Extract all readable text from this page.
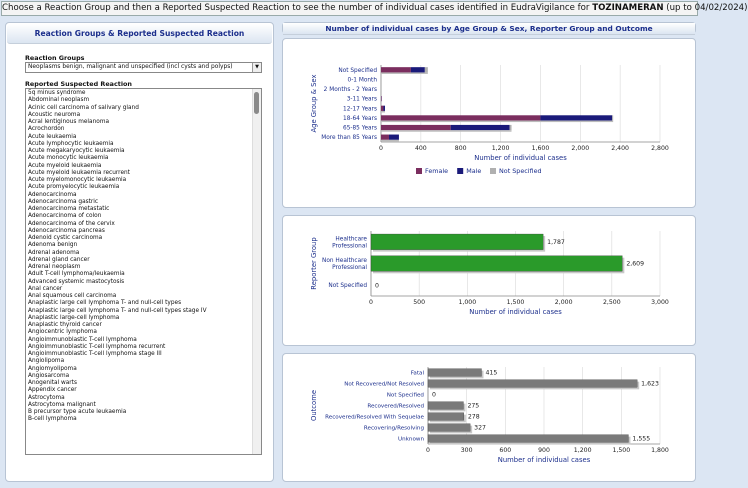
Choose a Reaction Group and then a Reported Suspected Reaction to see the number of individual cases identified in EudraVigilance for TOZINAMERAN (up to 04/02/2024)
Reaction Groups & Reported Suspected Reaction
Reaction Groups
Neoplasms benign, malignant and unspecified (incl cysts and polyps)	▼
Reported Suspected Reaction
5q minus syndrome
Abdominal neoplasm
Acinic cell carcinoma of salivary gland
Acoustic neuroma
Acral lentiginous melanoma
Acrochordon
Acute leukaemia
Acute lymphocytic leukaemia
Acute megakaryocytic leukaemia
Acute monocytic leukaemia
Acute myeloid leukaemia
Acute myeloid leukaemia recurrent
Acute myelomonocytic leukaemia
Acute promyelocytic leukaemia
Adenocarcinoma
Adenocarcinoma gastric
Adenocarcinoma metastatic
Adenocarcinoma of colon
Adenocarcinoma of the cervix
Adenocarcinoma pancreas
Adenoid cystic carcinoma
Adenoma benign
Adrenal adenoma
Adrenal gland cancer
Adrenal neoplasm
Adult T-cell lymphoma/leukaemia
Advanced systemic mastocytosis
Anal cancer
Anal squamous cell carcinoma
Anaplastic large cell lymphoma T- and null-cell types
Anaplastic large cell lymphoma T- and null-cell types stage IV
Anaplastic large-cell lymphoma
Anaplastic thyroid cancer
Angiocentric lymphoma
Angioimmunoblastic T-cell lymphoma
Angioimmunoblastic T-cell lymphoma recurrent
Angioimmunoblastic T-cell lymphoma stage III
Angiolipoma
Angiomyolipoma
Angiosarcoma
Anogenital warts
Appendix cancer
Astrocytoma
Astrocytoma malignant
B precursor type acute leukaemia
B-cell lymphoma
Number of individual cases by Age Group & Sex, Reporter Group and Outcome
0	400	800	1,200	1,600	2,000	2,400	2,800
Number of individual cases
Age Group & Sex
Not Specified
0-1 Month
2 Months - 2 Years
3-11 Years
12-17 Years
18-64 Years
65-85 Years
More than 85 Years
Female	Male	Not Specified
0	500	1,000	1,500	2,000	2,500	3,000
Number of individual cases
Reporter Group	Healthcare
Professional
1,787
Non Healthcare
Professional
2,609
Not Specified 0
0	300	600	900	1,200	1,500	1,800
Number of individual cases
Outcome
Fatal	415
Not Recovered/Not Resolved	1,623
Not Specified 0
Recovered/Resolved	275
Recovered/Resolved With Sequelae	278
Recovering/Resolving	327
Unknown	1,555
